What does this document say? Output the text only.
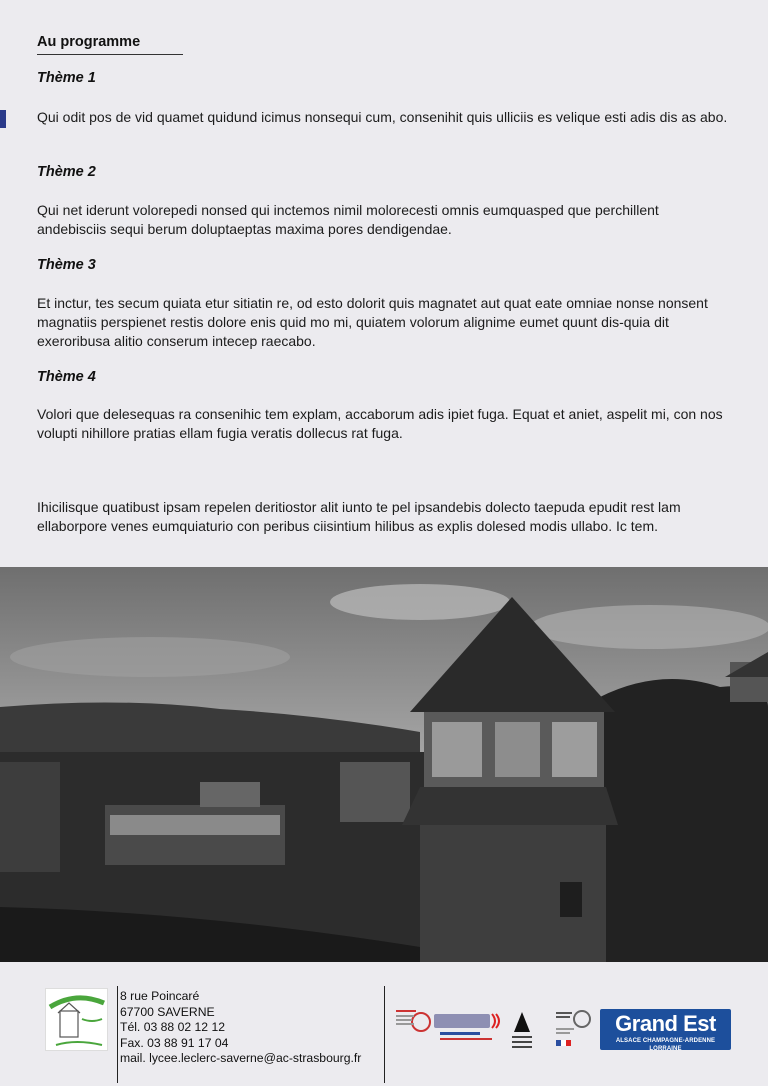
Au programme
Thème 1
Qui odit pos de vid quamet quidund icimus nonsequi cum, consenihit quis ulliciis es velique esti adis dis as abo.
Thème 2
Qui net iderunt volorepedi nonsed qui inctemos nimil molorecesti omnis eumquasped que perchillent andebisciis sequi berum doluptaeptas maxima pores dendigendae.
Thème 3
Et inctur, tes secum quiata etur sitiatin re, od esto dolorit quis magnatet aut quat eate omniae nonse nonsent magnatiis perspienet restis dolore enis quid mo mi, quiatem volorum alignime eumet quunt dis-quia dit exeroribusa alitio conserum intecep raecabo.
Thème 4
Volori que delesequas ra consenihic tem explam, accaborum adis ipiet fuga. Equat et aniet, aspelit mi, con nos volupti nihillore pratias ellam fugia veratis dollecus rat fuga.
Ihicilisque quatibust ipsam repelen deritiostor alit iunto te pel ipsandebis dolecto taepuda epudit rest lam ellaborpore venes eumquiaturio con peribus ciisintium hilibus as explis dolesed modis ullabo. Ic tem.
8 rue Poincaré
67700 SAVERNE
Tél. 03 88 02 12 12
Fax. 03 88 91 17 04
mail. lycee.leclerc-saverne@ac-strasbourg.fr
Grand Est
ALSACE CHAMPAGNE-ARDENNE LORRAINE
